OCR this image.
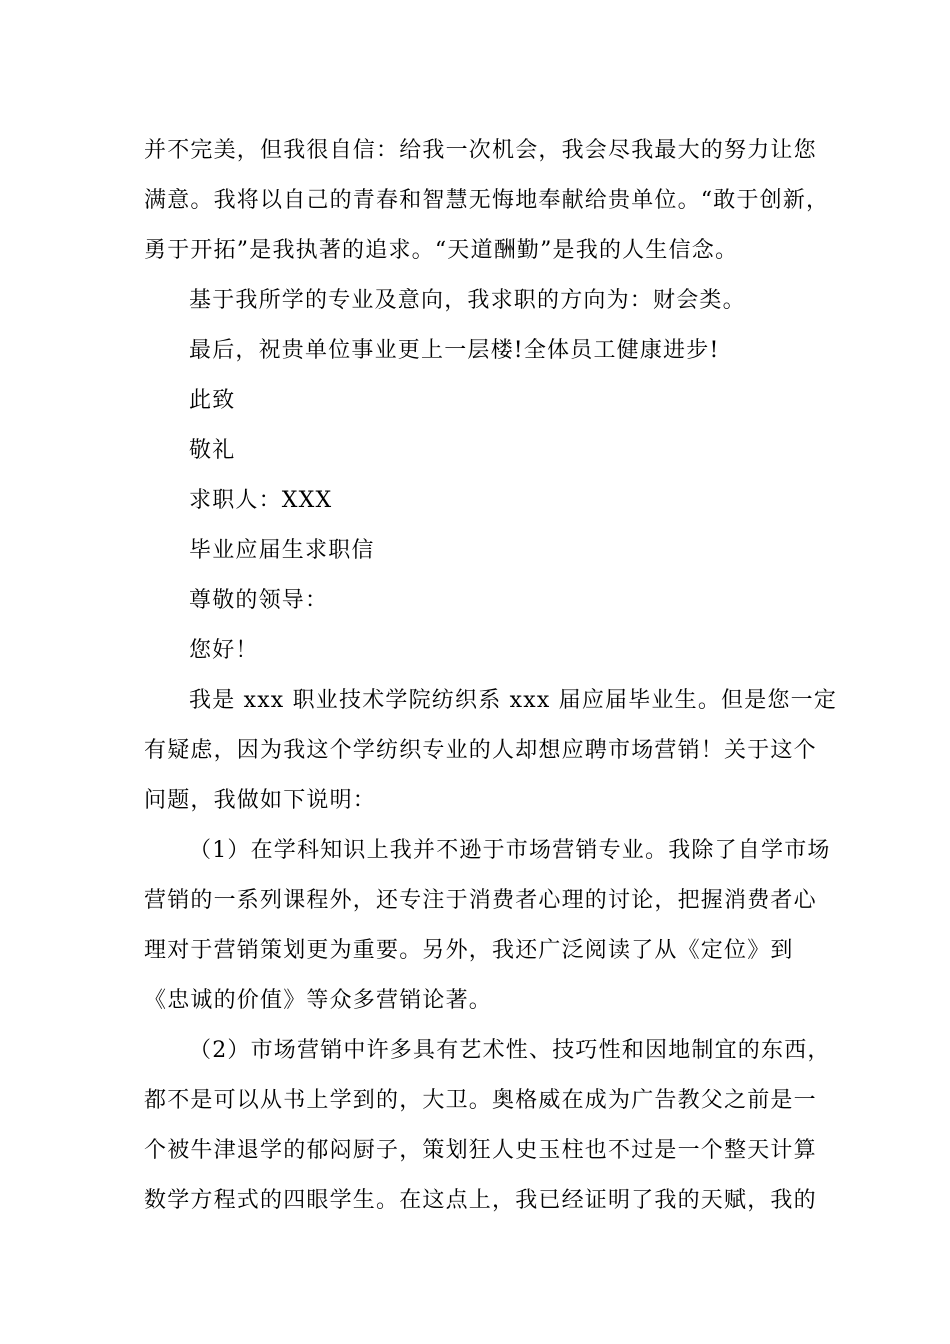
并不完美，但我很自信：给我一次机会，我会尽我最大的努力让您
满意。我将以自己的青春和智慧无悔地奉献给贵单位。“敢于创新，
勇于开拓”是我执著的追求。“天道酬勤”是我的人生信念。
基于我所学的专业及意向，我求职的方向为：财会类。
最后，祝贵单位事业更上一层楼!全体员工健康进步!
此致
敬礼
求职人：XXX
毕业应届生求职信
尊敬的领导：
您好！
我是 xxx 职业技术学院纺织系 xxx 届应届毕业生。但是您一定
有疑虑，因为我这个学纺织专业的人却想应聘市场营销！关于这个
问题，我做如下说明：
（1）在学科知识上我并不逊于市场营销专业。我除了自学市场
营销的一系列课程外，还专注于消费者心理的讨论，把握消费者心
理对于营销策划更为重要。另外，我还广泛阅读了从《定位》到
《忠诚的价值》等众多营销论著。
（2）市场营销中许多具有艺术性、技巧性和因地制宜的东西，
都不是可以从书上学到的，大卫。奥格威在成为广告教父之前是一
个被牛津退学的郁闷厨子，策划狂人史玉柱也不过是一个整天计算
数学方程式的四眼学生。在这点上，我已经证明了我的天赋，我的
